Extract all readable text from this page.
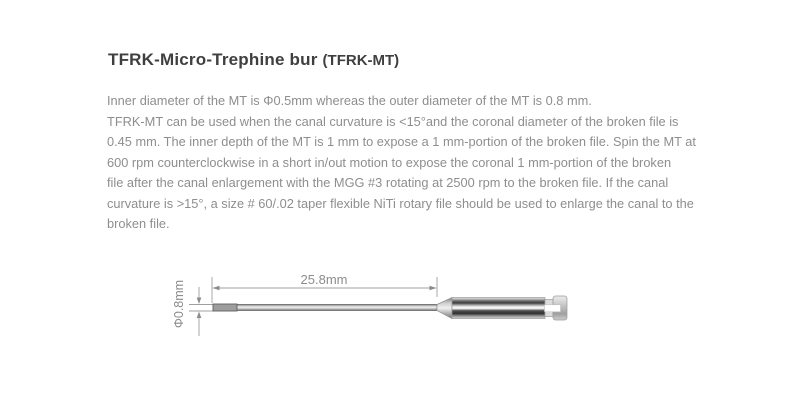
TFRK-Micro-Trephine bur (TFRK-MT)
Inner diameter of the MT is Φ0.5mm whereas the outer diameter of the MT is 0.8 mm.
TFRK-MT can be used when the canal curvature is <15°and the coronal diameter of the broken file is
0.45 mm. The inner depth of the MT is 1 mm to expose a 1 mm-portion of the broken file. Spin the MT at
600 rpm counterclockwise in a short in/out motion to expose the coronal 1 mm-portion of the broken
file after the canal enlargement with the MGG #3 rotating at 2500 rpm to the broken file. If the canal
curvature is >15°, a size # 60/.02 taper flexible NiTi rotary file should be used to enlarge the canal to the
broken file.
25.8mm
Φ0.8mm
